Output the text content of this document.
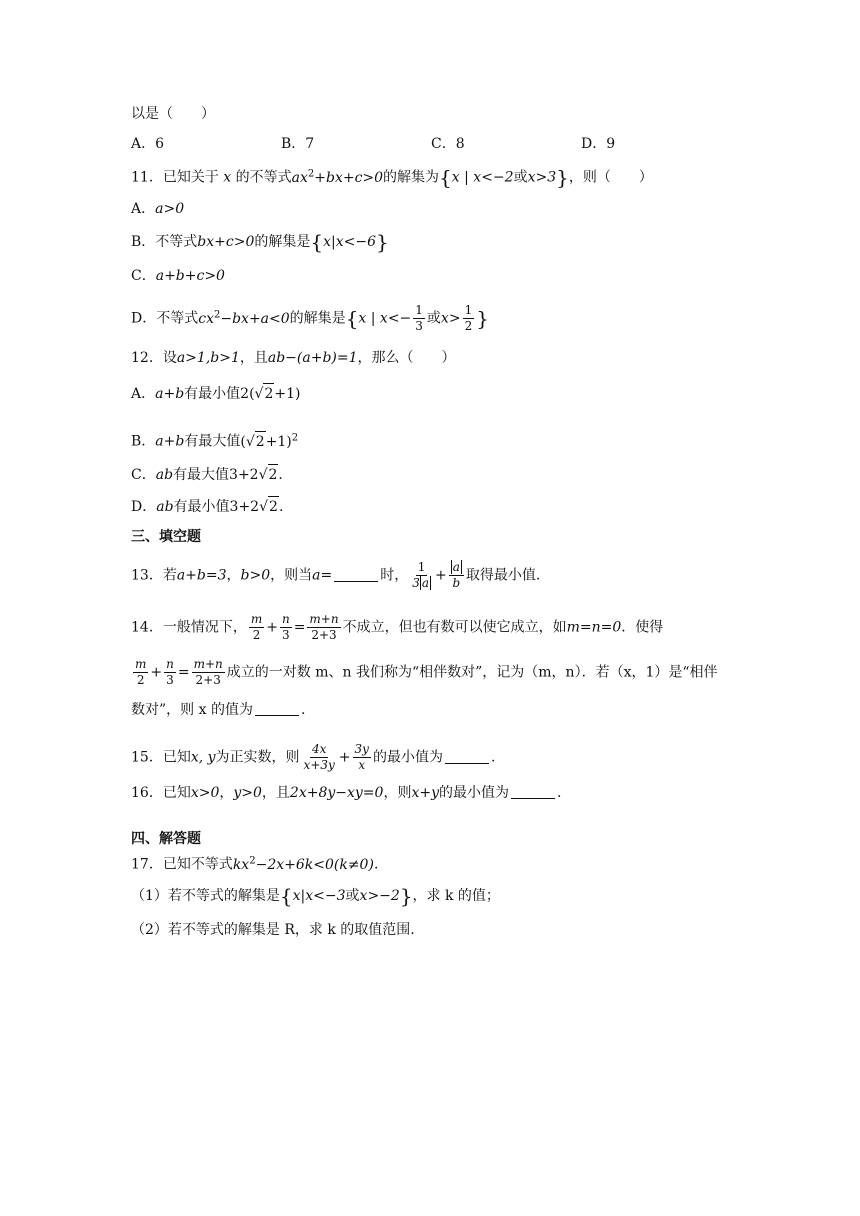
以是（　　）
A．6	B．7	C．8	D．9
11．已知关于 x 的不等式$ax^2+bx+c>0$的解集为{x | x<−2或x>3}，则（　　）
A．a>0
B．不等式bx+c>0的解集是{x|x<−6}
C．a+b+c>0
D．不等式$cx^2-bx+a<0$的解集是{x | $x<- \frac{1}{3}$ 或$x> \frac{1}{2}$ }
12．设a>1,b>1，且ab−(a+b)=1，那么（　　）
A．a+b有最小值2(√2+1)
B．a+b有最大值$(√2+1)^2$
C．ab有最大值3+2√2.
D．ab有最小值3+2√2.
三、填空题
13．若a+b=3，b>0，则当a=	时， $\frac{1}{3 a} + \frac{a}{b}$ 取得最小值.
14．一般情况下， $\frac{m}{2} + \frac{n}{3} = \frac{m+n}{2+3}$ 不成立，但也有数可以使它成立，如m=n=0．使得
$\frac{m}{2} + \frac{n}{3} = \frac{m+n}{2+3}$ 成立的一对数 m、n 我们称为“相伴数对”，记为（m，n）．若（x，1）是“相伴
数对”，则 x 的值为	.
15．已知x, y为正实数，则 $\frac{4x}{x+3y} + \frac{3y}{x}$ 的最小值为	.
16．已知x>0，y>0，且2x+8y−xy=0，则x+y的最小值为	.
四、解答题
17．已知不等式$kx^2-2x+6k<0(k\ne 0)$.
（1）若不等式的解集是{x|x<−3或x>−2}，求 k 的值；
（2）若不等式的解集是 R，求 k 的取值范围.
